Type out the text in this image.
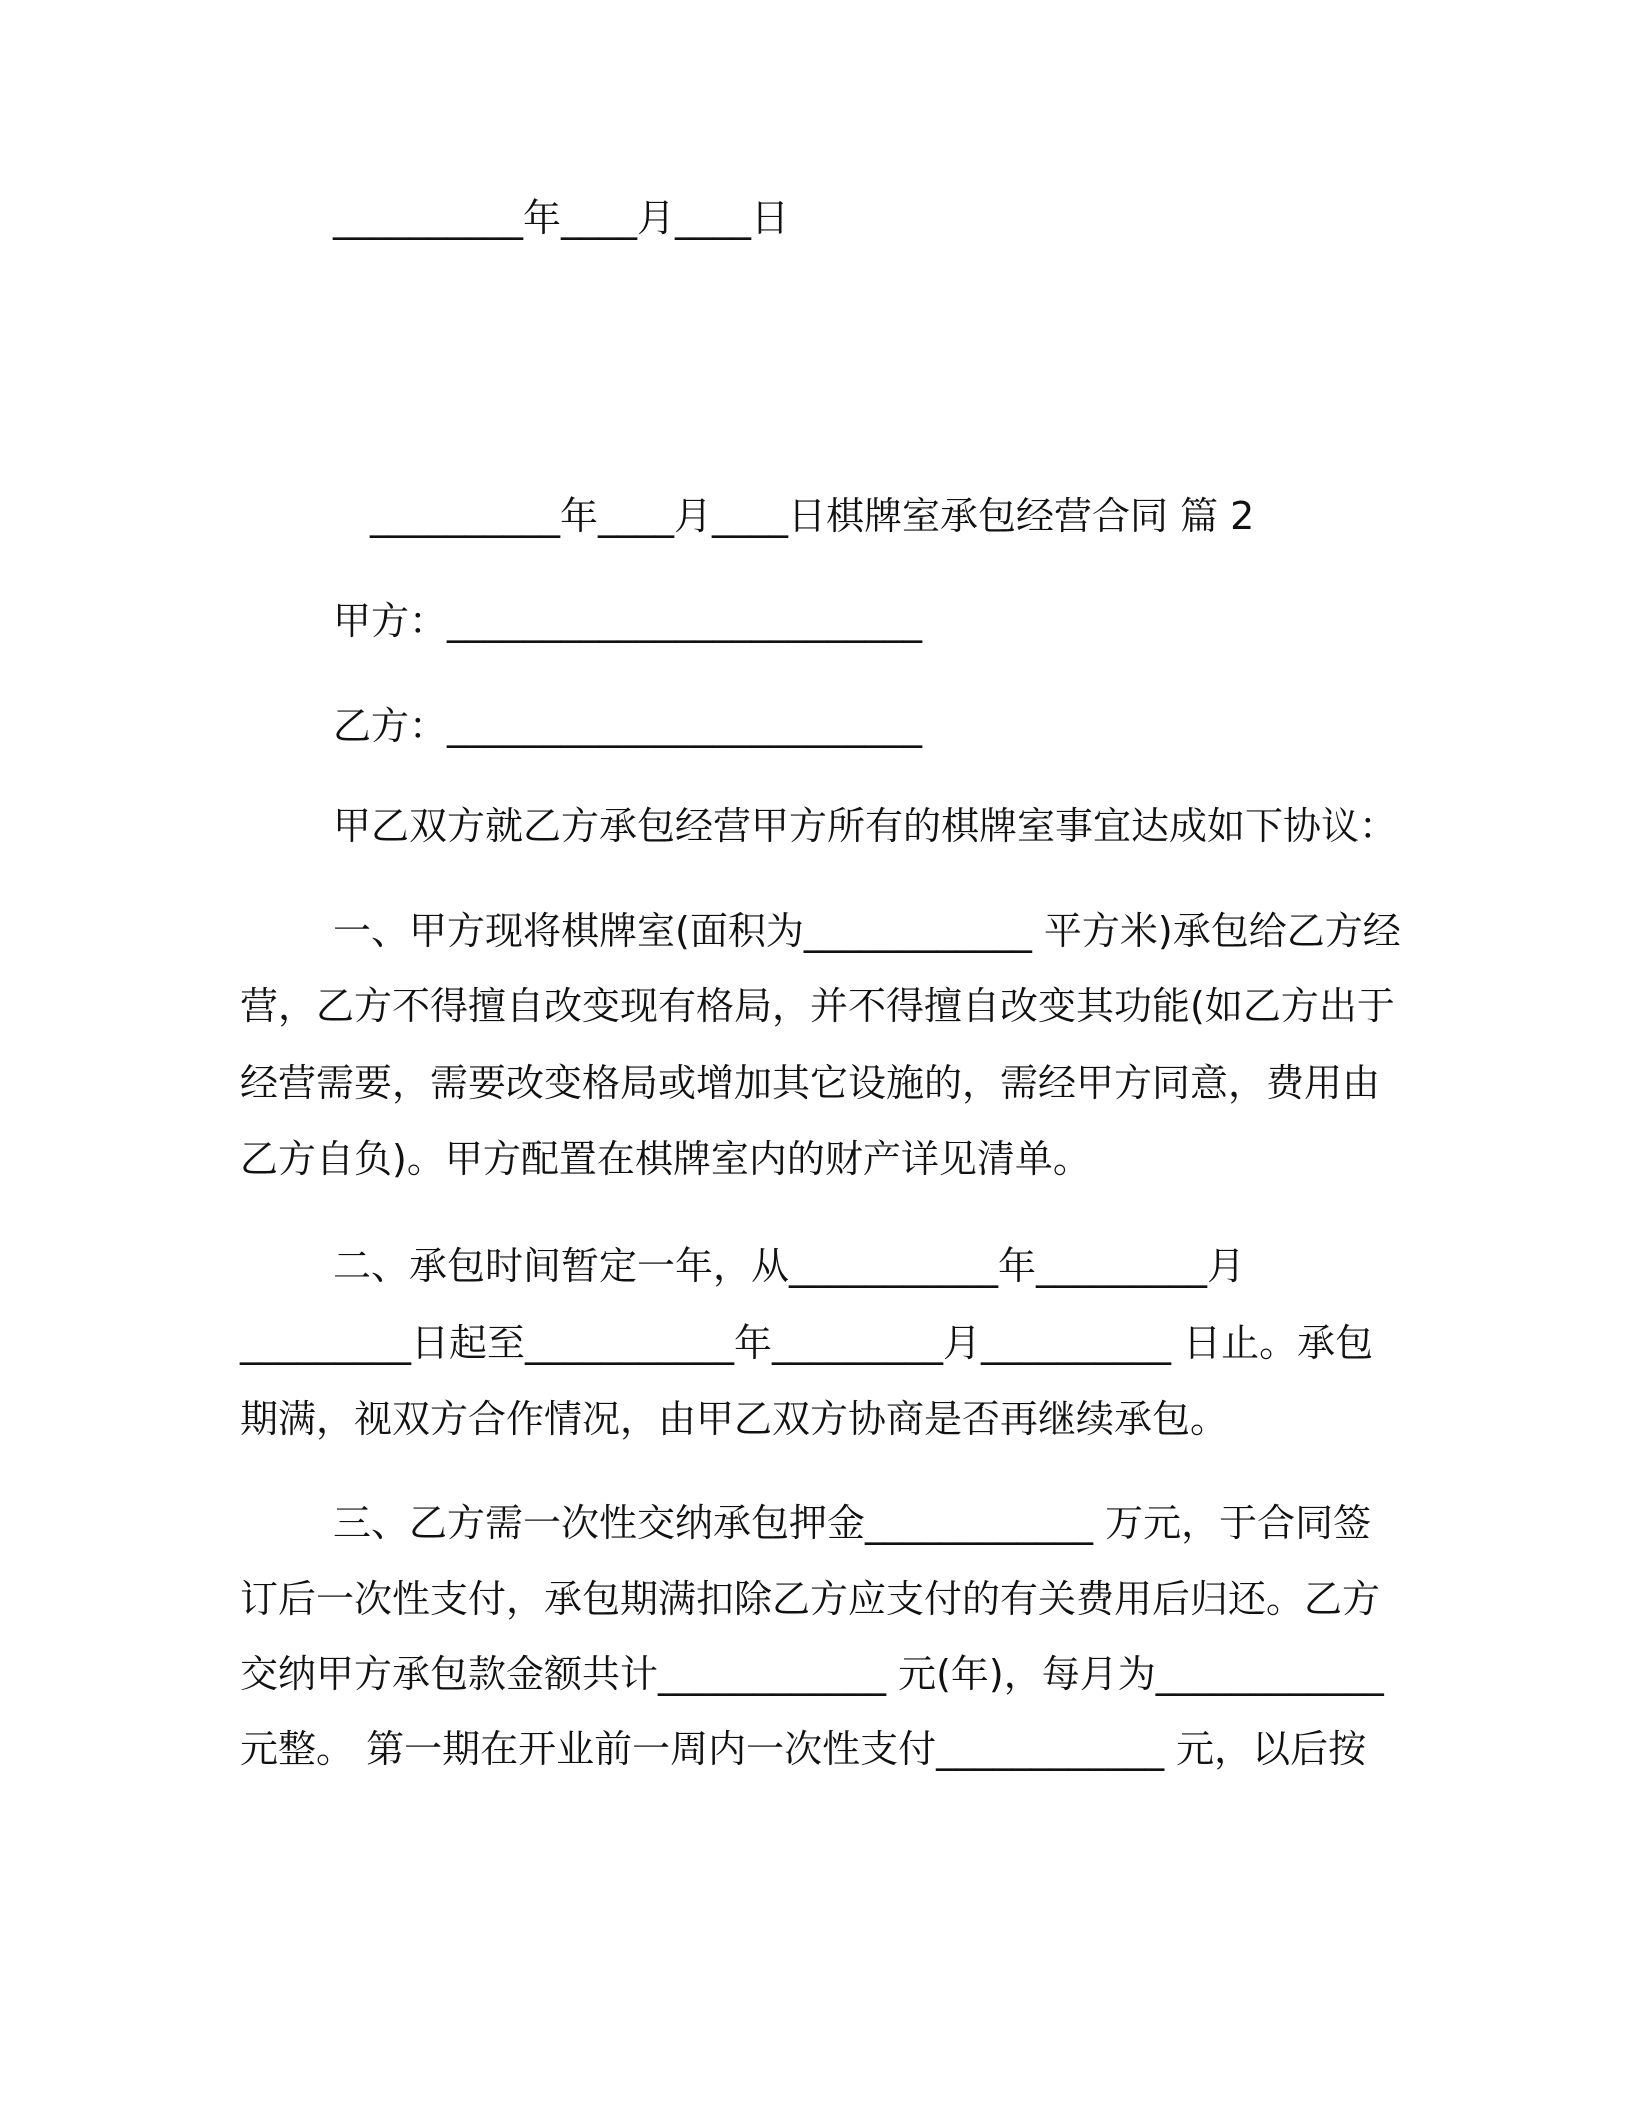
__________年____月____日
__________年____月____日棋牌室承包经营合同 篇 2
甲方：_________________________
乙方：_________________________
甲乙双方就乙方承包经营甲方所有的棋牌室事宜达成如下协议：
一、甲方现将棋牌室(面积为____________ 平方米)承包给乙方经
营，乙方不得擅自改变现有格局，并不得擅自改变其功能(如乙方出于
经营需要，需要改变格局或增加其它设施的，需经甲方同意，费用由
乙方自负)。甲方配置在棋牌室内的财产详见清单。
二、承包时间暂定一年，从___________年_________月
_________日起至___________年_________月__________ 日止。承包
期满，视双方合作情况，由甲乙双方协商是否再继续承包。
三、乙方需一次性交纳承包押金____________ 万元，于合同签
订后一次性支付，承包期满扣除乙方应支付的有关费用后归还。乙方
交纳甲方承包款金额共计____________ 元(年)，每月为____________
元整。 第一期在开业前一周内一次性支付____________ 元，以后按
